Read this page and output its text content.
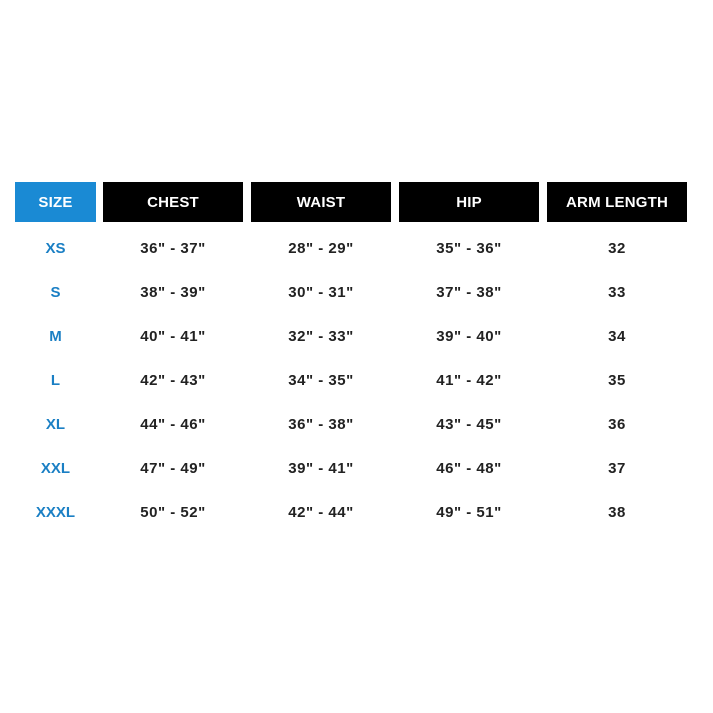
SIZE	CHEST	WAIST	HIP	ARM LENGTH
XS	36" - 37"	28" - 29"	35" - 36"	32
S	38" - 39"	30" - 31"	37" - 38"	33
M	40" - 41"	32" - 33"	39" - 40"	34
L	42" - 43"	34" - 35"	41" - 42"	35
XL	44" - 46"	36" - 38"	43" - 45"	36
XXL	47" - 49"	39" - 41"	46" - 48"	37
XXXL	50" - 52"	42" - 44"	49" - 51"	38
